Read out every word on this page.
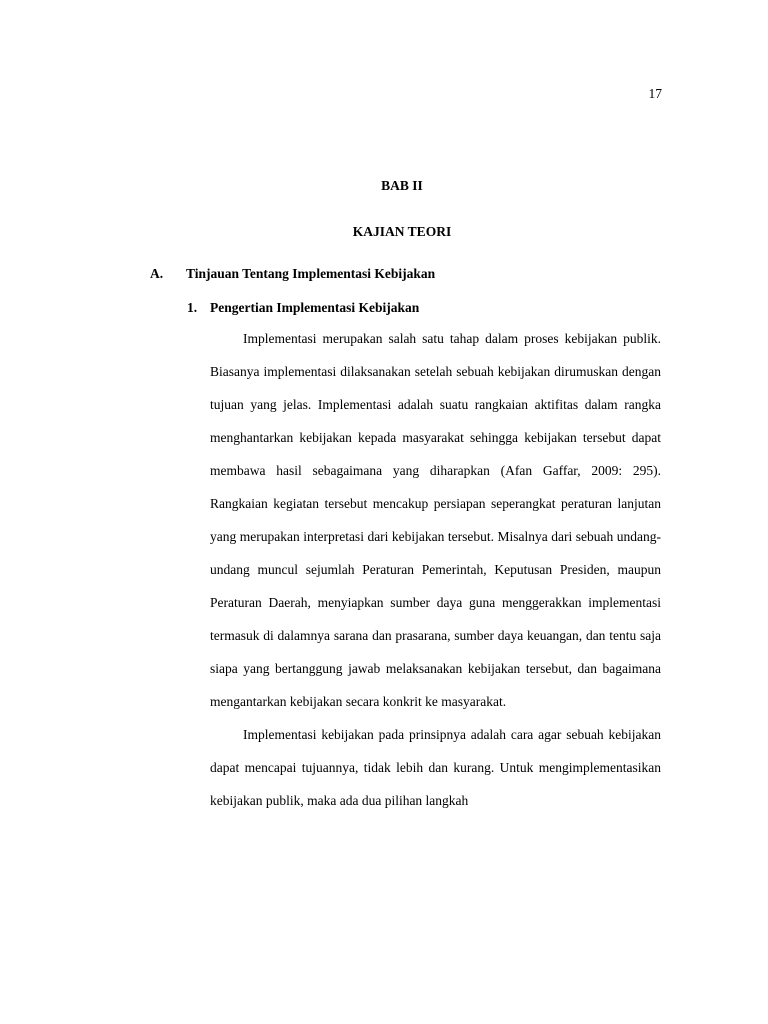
17
BAB II
KAJIAN TEORI
A. Tinjauan Tentang Implementasi Kebijakan
1. Pengertian Implementasi Kebijakan

Implementasi merupakan salah satu tahap dalam proses kebijakan publik. Biasanya implementasi dilaksanakan setelah sebuah kebijakan dirumuskan dengan tujuan yang jelas. Implementasi adalah suatu rangkaian aktifitas dalam rangka menghantarkan kebijakan kepada masyarakat sehingga kebijakan tersebut dapat membawa hasil sebagaimana yang diharapkan (Afan Gaffar, 2009: 295). Rangkaian kegiatan tersebut mencakup persiapan seperangkat peraturan lanjutan yang merupakan interpretasi dari kebijakan tersebut. Misalnya dari sebuah undang-undang muncul sejumlah Peraturan Pemerintah, Keputusan Presiden, maupun Peraturan Daerah, menyiapkan sumber daya guna menggerakkan implementasi termasuk di dalamnya sarana dan prasarana, sumber daya keuangan, dan tentu saja siapa yang bertanggung jawab melaksanakan kebijakan tersebut, dan bagaimana mengantarkan kebijakan secara konkrit ke masyarakat.

Implementasi kebijakan pada prinsipnya adalah cara agar sebuah kebijakan dapat mencapai tujuannya, tidak lebih dan kurang. Untuk mengimplementasikan kebijakan publik, maka ada dua pilihan langkah
